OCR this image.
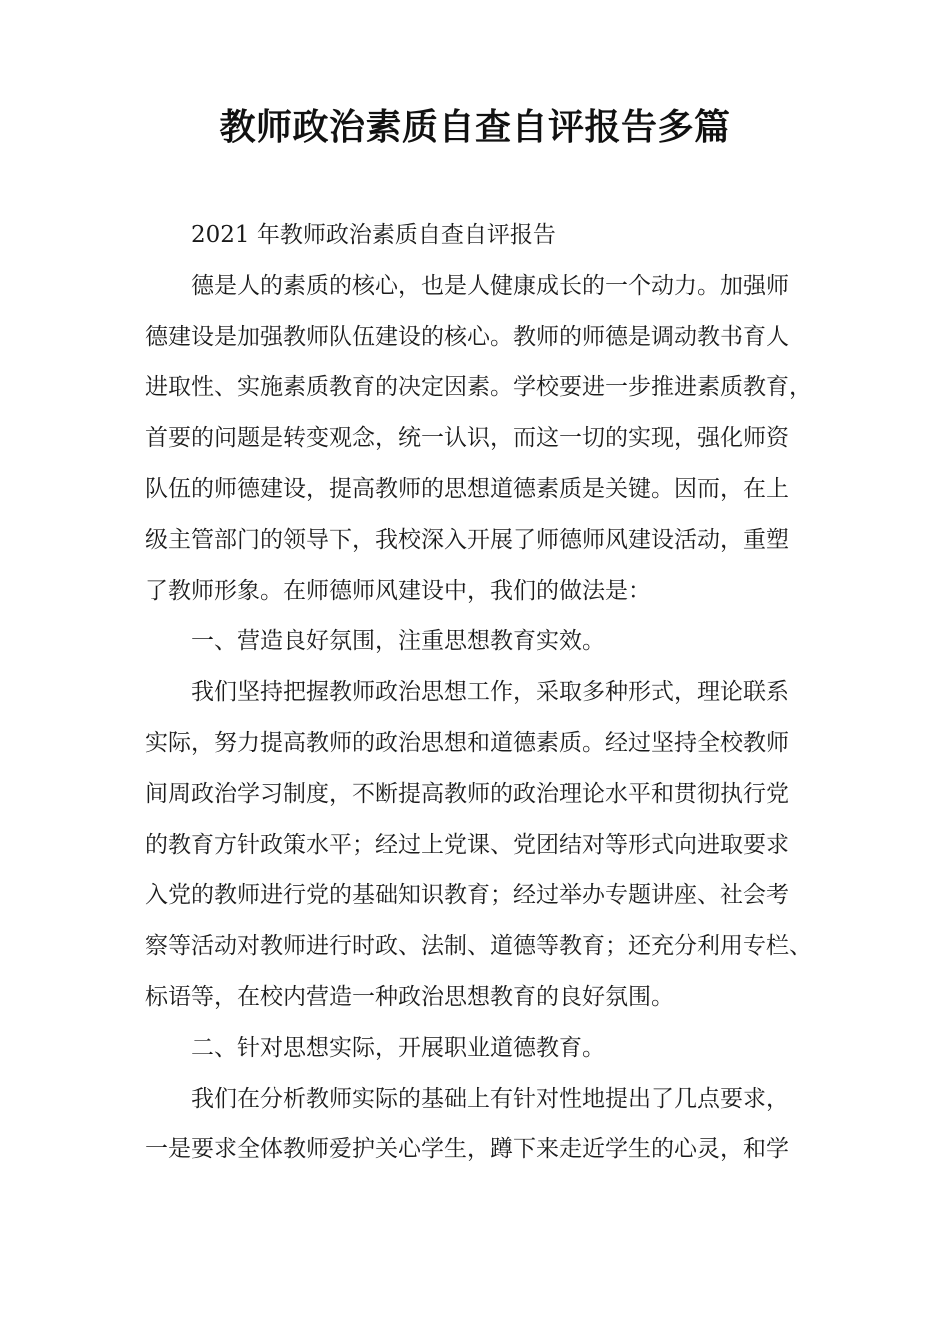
教师政治素质自查自评报告多篇
2021 年教师政治素质自查自评报告
德是人的素质的核心，也是人健康成长的一个动力。加强师
德建设是加强教师队伍建设的核心。教师的师德是调动教书育人
进取性、实施素质教育的决定因素。学校要进一步推进素质教育，
首要的问题是转变观念，统一认识，而这一切的实现，强化师资
队伍的师德建设，提高教师的思想道德素质是关键。因而，在上
级主管部门的领导下，我校深入开展了师德师风建设活动，重塑
了教师形象。在师德师风建设中，我们的做法是：
一、营造良好氛围，注重思想教育实效。
我们坚持把握教师政治思想工作，采取多种形式，理论联系
实际，努力提高教师的政治思想和道德素质。经过坚持全校教师
间周政治学习制度，不断提高教师的政治理论水平和贯彻执行党
的教育方针政策水平；经过上党课、党团结对等形式向进取要求
入党的教师进行党的基础知识教育；经过举办专题讲座、社会考
察等活动对教师进行时政、法制、道德等教育；还充分利用专栏、
标语等，在校内营造一种政治思想教育的良好氛围。
二、针对思想实际，开展职业道德教育。
我们在分析教师实际的基础上有针对性地提出了几点要求，
一是要求全体教师爱护关心学生，蹲下来走近学生的心灵，和学
